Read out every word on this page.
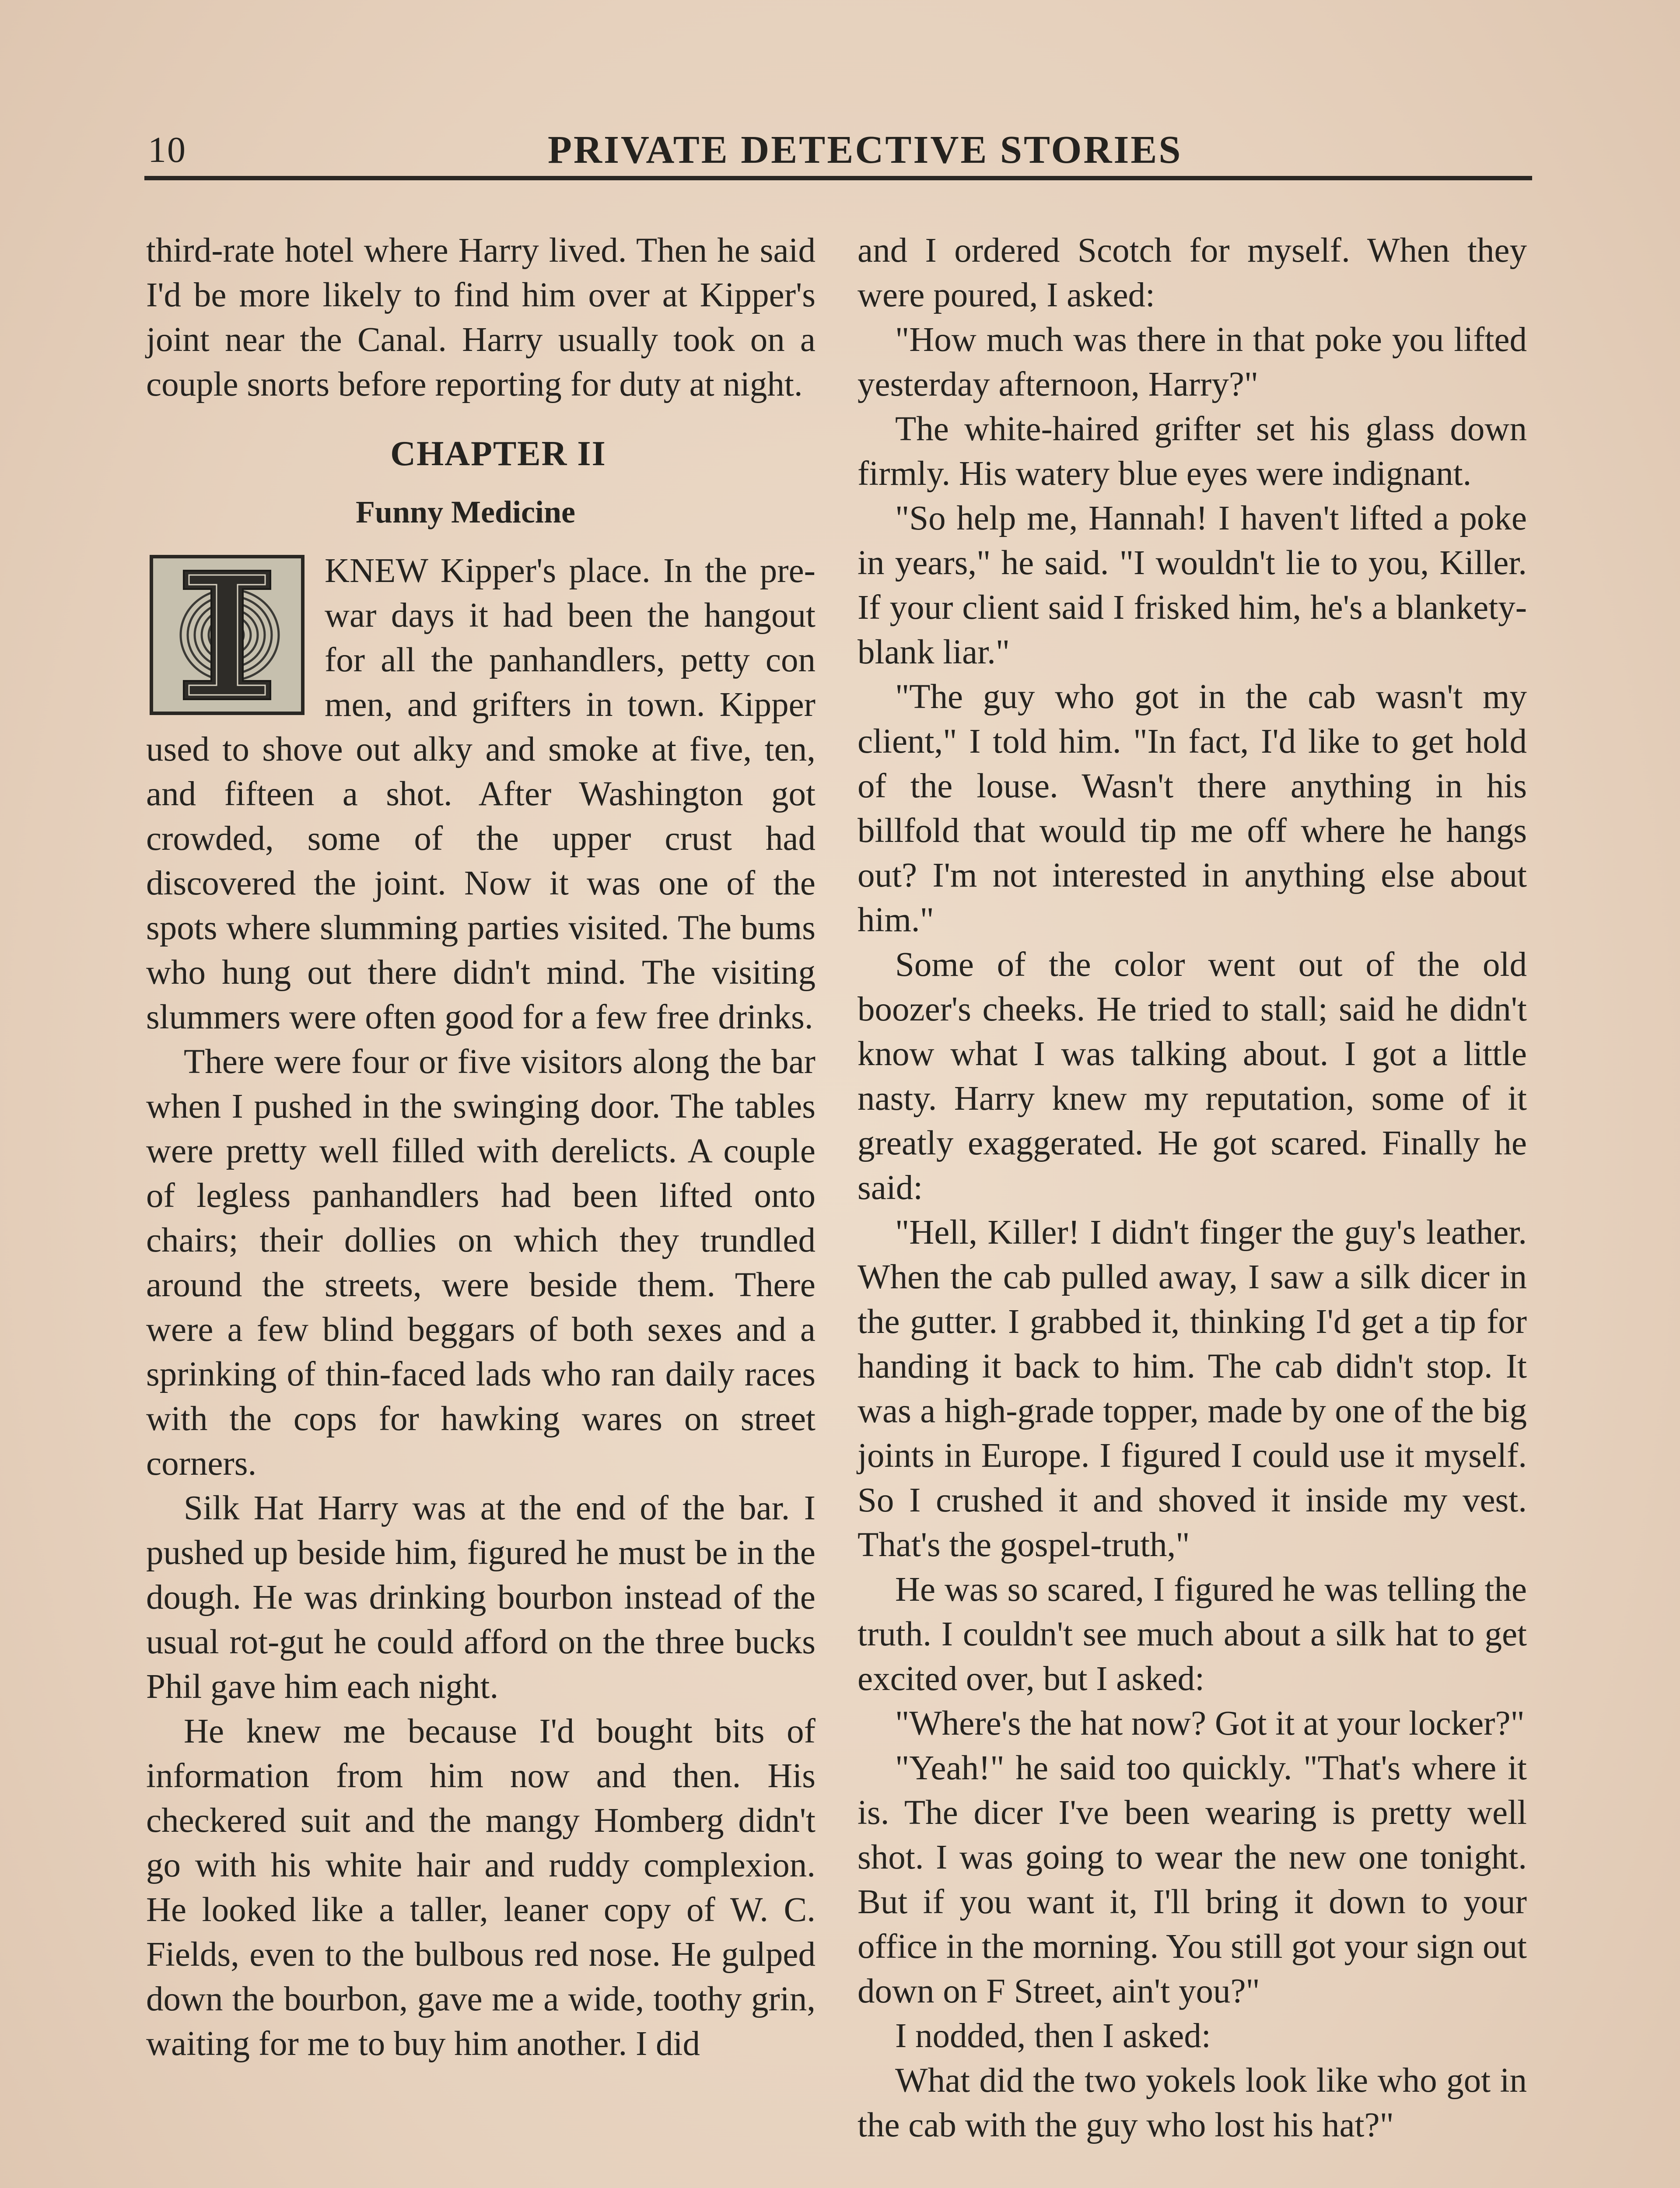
10	PRIVATE DETECTIVE STORIES

third-rate hotel where Harry lived. Then he said I'd be more likely to find him over at Kipper's joint near the Canal. Harry usually took on a couple snorts before reporting for duty at night.

CHAPTER II
Funny Medicine

KNEW Kipper's place. In the pre-war days it had been the hangout for all the panhandlers, petty con men, and grifters in town. Kipper used to shove out alky and smoke at five, ten, and fifteen a shot. After Washington got crowded, some of the upper crust had discovered the joint. Now it was one of the spots where slumming parties visited. The bums who hung out there didn't mind. The visiting slummers were often good for a few free drinks.

There were four or five visitors along the bar when I pushed in the swinging door. The tables were pretty well filled with derelicts. A couple of legless panhandlers had been lifted onto chairs; their dollies on which they trundled around the streets, were beside them. There were a few blind beggars of both sexes and a sprinking of thin-faced lads who ran daily races with the cops for hawking wares on street corners.

Silk Hat Harry was at the end of the bar. I pushed up beside him, figured he must be in the dough. He was drinking bourbon instead of the usual rot-gut he could afford on the three bucks Phil gave him each night.

He knew me because I'd bought bits of information from him now and then. His checkered suit and the mangy Homberg didn't go with his white hair and ruddy complexion. He looked like a taller, leaner copy of W. C. Fields, even to the bulbous red nose. He gulped down the bourbon, gave me a wide, toothy grin, waiting for me to buy him another. I did

and I ordered Scotch for myself. When they were poured, I asked:

"How much was there in that poke you lifted yesterday afternoon, Harry?"

The white-haired grifter set his glass down firmly. His watery blue eyes were indignant.

"So help me, Hannah! I haven't lifted a poke in years," he said. "I wouldn't lie to you, Killer. If your client said I frisked him, he's a blankety-blank liar."

"The guy who got in the cab wasn't my client," I told him. "In fact, I'd like to get hold of the louse. Wasn't there anything in his billfold that would tip me off where he hangs out? I'm not interested in anything else about him."

Some of the color went out of the old boozer's cheeks. He tried to stall; said he didn't know what I was talking about. I got a little nasty. Harry knew my reputation, some of it greatly exaggerated. He got scared. Finally he said:

"Hell, Killer! I didn't finger the guy's leather. When the cab pulled away, I saw a silk dicer in the gutter. I grabbed it, thinking I'd get a tip for handing it back to him. The cab didn't stop. It was a high-grade topper, made by one of the big joints in Europe. I figured I could use it myself. So I crushed it and shoved it inside my vest. That's the gospel-truth,"

He was so scared, I figured he was telling the truth. I couldn't see much about a silk hat to get excited over, but I asked:

"Where's the hat now? Got it at your locker?"

"Yeah!" he said too quickly. "That's where it is. The dicer I've been wearing is pretty well shot. I was going to wear the new one tonight. But if you want it, I'll bring it down to your office in the morning. You still got your sign out down on F Street, ain't you?"

I nodded, then I asked:

What did the two yokels look like who got in the cab with the guy who lost his hat?"
